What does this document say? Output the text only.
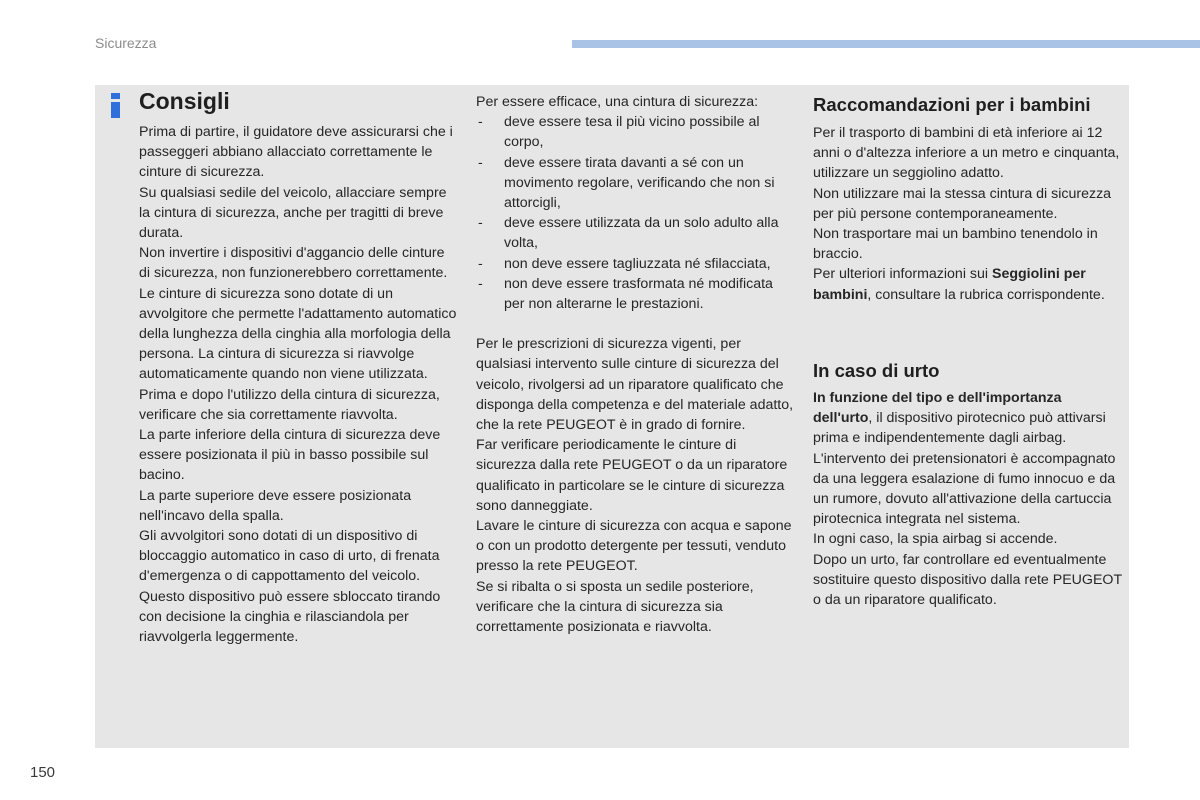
Sicurezza
Consigli

Prima di partire, il guidatore deve assicurarsi che i passeggeri abbiano allacciato correttamente le cinture di sicurezza.

Su qualsiasi sedile del veicolo, allacciare sempre la cintura di sicurezza, anche per tragitti di breve durata.

Non invertire i dispositivi d'aggancio delle cinture di sicurezza, non funzionerebbero correttamente.

Le cinture di sicurezza sono dotate di un avvolgitore che permette l'adattamento automatico della lunghezza della cinghia alla morfologia della persona. La cintura di sicurezza si riavvolge automaticamente quando non viene utilizzata.

Prima e dopo l'utilizzo della cintura di sicurezza, verificare che sia correttamente riavvolta.

La parte inferiore della cintura di sicurezza deve essere posizionata il più in basso possibile sul bacino.

La parte superiore deve essere posizionata nell'incavo della spalla.

Gli avvolgitori sono dotati di un dispositivo di bloccaggio automatico in caso di urto, di frenata d'emergenza o di cappottamento del veicolo. Questo dispositivo può essere sbloccato tirando con decisione la cinghia e rilasciandola per riavvolgerla leggermente.

Per essere efficace, una cintura di sicurezza:

- deve essere tesa il più vicino possibile al corpo,
- deve essere tirata davanti a sé con un movimento regolare, verificando che non si attorcigli,
- deve essere utilizzata da un solo adulto alla volta,
- non deve essere tagliuzzata né sfilacciata,
- non deve essere trasformata né modificata per non alterarne le prestazioni.

Per le prescrizioni di sicurezza vigenti, per qualsiasi intervento sulle cinture di sicurezza del veicolo, rivolgersi ad un riparatore qualificato che disponga della competenza e del materiale adatto, che la rete PEUGEOT è in grado di fornire.

Far verificare periodicamente le cinture di sicurezza dalla rete PEUGEOT o da un riparatore qualificato in particolare se le cinture di sicurezza sono danneggiate.

Lavare le cinture di sicurezza con acqua e sapone o con un prodotto detergente per tessuti, venduto presso la rete PEUGEOT.

Se si ribalta o si sposta un sedile posteriore, verificare che la cintura di sicurezza sia correttamente posizionata e riavvolta.

Raccomandazioni per i bambini

Per il trasporto di bambini di età inferiore ai 12 anni o d'altezza inferiore a un metro e cinquanta, utilizzare un seggiolino adatto.

Non utilizzare mai la stessa cintura di sicurezza per più persone contemporaneamente.

Non trasportare mai un bambino tenendolo in braccio.

Per ulteriori informazioni sui Seggiolini per bambini, consultare la rubrica corrispondente.

In caso di urto

In funzione del tipo e dell'importanza dell'urto, il dispositivo pirotecnico può attivarsi prima e indipendentemente dagli airbag. L'intervento dei pretensionatori è accompagnato da una leggera esalazione di fumo innocuo e da un rumore, dovuto all'attivazione della cartuccia pirotecnica integrata nel sistema.

In ogni caso, la spia airbag si accende.

Dopo un urto, far controllare ed eventualmente sostituire questo dispositivo dalla rete PEUGEOT o da un riparatore qualificato.

150
